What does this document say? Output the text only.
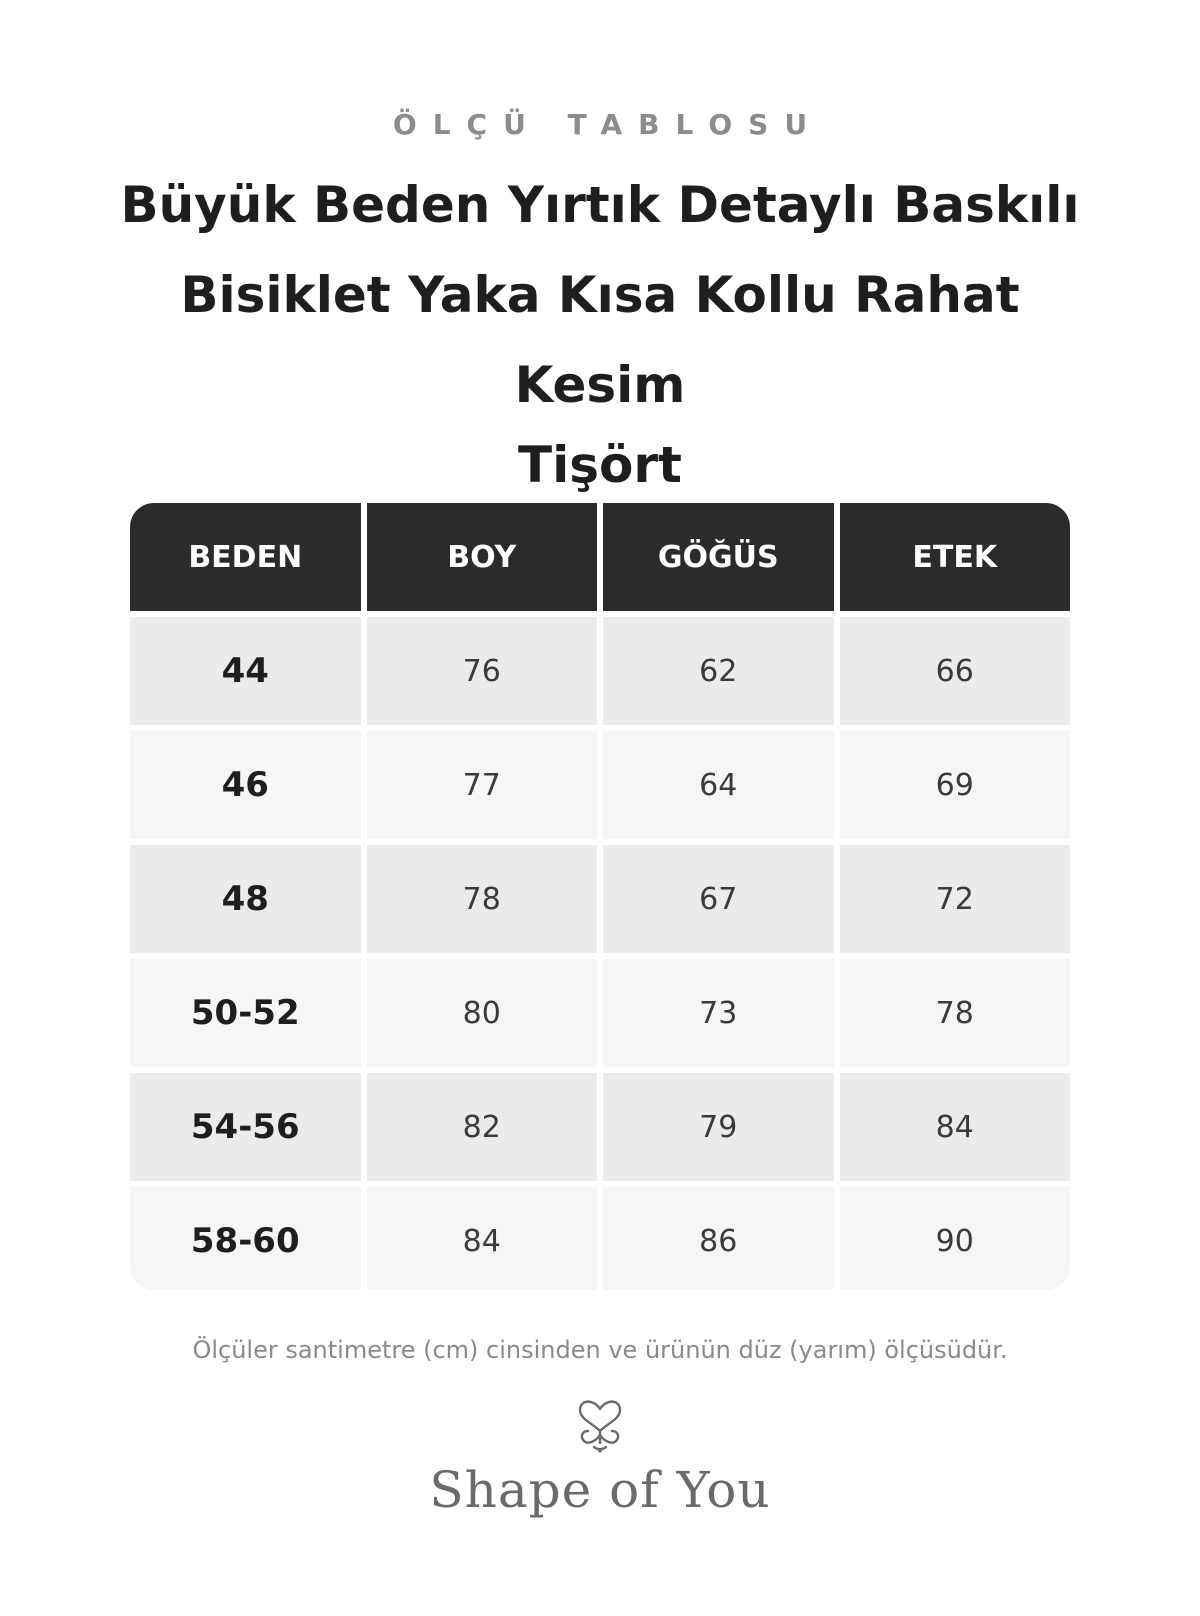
ÖLÇÜ TABLOSU
Büyük Beden Yırtık Detaylı Baskılı
Bisiklet Yaka Kısa Kollu Rahat Kesim
Tişört
BEDEN	BOY	GÖĞÜS	ETEK
44	76	62	66
46	77	64	69
48	78	67	72
50-52	80	73	78
54-56	82	79	84
58-60	84	86	90
Ölçüler santimetre (cm) cinsinden ve ürünün düz (yarım) ölçüsüdür.
Shape of You
